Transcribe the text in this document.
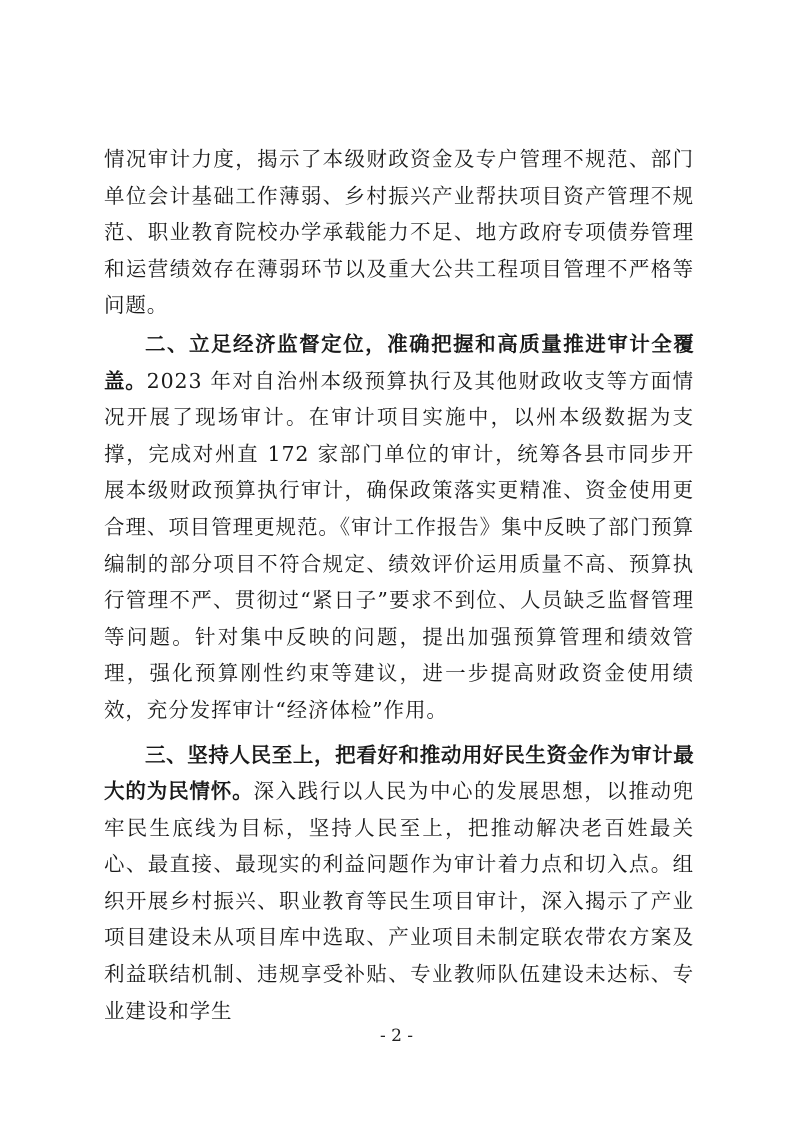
情况审计力度，揭示了本级财政资金及专户管理不规范、部门单位会计基础工作薄弱、乡村振兴产业帮扶项目资产管理不规范、职业教育院校办学承载能力不足、地方政府专项债券管理和运营绩效存在薄弱环节以及重大公共工程项目管理不严格等问题。

二、立足经济监督定位，准确把握和高质量推进审计全覆盖。2023 年对自治州本级预算执行及其他财政收支等方面情况开展了现场审计。在审计项目实施中，以州本级数据为支撑，完成对州直 172 家部门单位的审计，统筹各县市同步开展本级财政预算执行审计，确保政策落实更精准、资金使用更合理、项目管理更规范。《审计工作报告》集中反映了部门预算编制的部分项目不符合规定、绩效评价运用质量不高、预算执行管理不严、贯彻过“紧日子”要求不到位、人员缺乏监督管理等问题。针对集中反映的问题，提出加强预算管理和绩效管理，强化预算刚性约束等建议，进一步提高财政资金使用绩效，充分发挥审计“经济体检”作用。

三、坚持人民至上，把看好和推动用好民生资金作为审计最大的为民情怀。深入践行以人民为中心的发展思想，以推动兜牢民生底线为目标，坚持人民至上，把推动解决老百姓最关心、最直接、最现实的利益问题作为审计着力点和切入点。组织开展乡村振兴、职业教育等民生项目审计，深入揭示了产业项目建设未从项目库中选取、产业项目未制定联农带农方案及利益联结机制、违规享受补贴、专业教师队伍建设未达标、专业建设和学生

- 2 -
